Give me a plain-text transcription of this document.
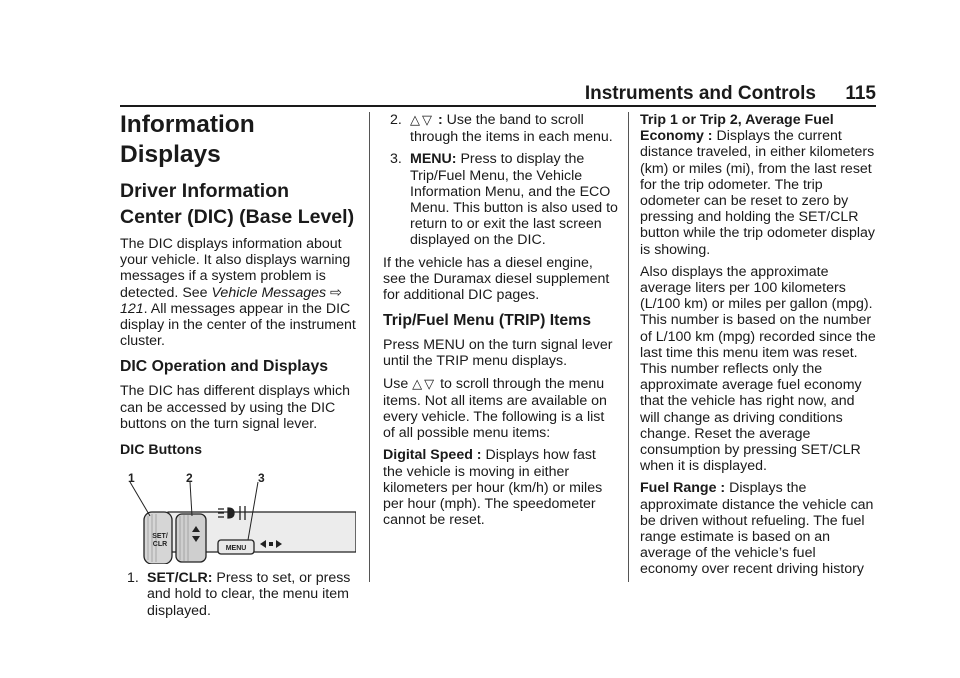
Instruments and Controls 115
Information Displays
Driver Information Center (DIC) (Base Level)

The DIC displays information about your vehicle. It also displays warning messages if a system problem is detected. See Vehicle Messages ⇨ 121. All messages appear in the DIC display in the center of the instrument cluster.

DIC Operation and Displays

The DIC has different displays which can be accessed by using the DIC buttons on the turn signal lever.

DIC Buttons

SET/
CLR
MENU
1	2	3
1. SET/CLR: Press to set, or press and hold to clear, the menu item displayed.
2. △▽ : Use the band to scroll through the items in each menu.
3. MENU: Press to display the Trip/Fuel Menu, the Vehicle Information Menu, and the ECO Menu. This button is also used to return to or exit the last screen displayed on the DIC.

If the vehicle has a diesel engine, see the Duramax diesel supplement for additional DIC pages.

Trip/Fuel Menu (TRIP) Items

Press MENU on the turn signal lever until the TRIP menu displays.

Use △▽ to scroll through the menu items. Not all items are available on every vehicle. The following is a list of all possible menu items:

Digital Speed : Displays how fast the vehicle is moving in either kilometers per hour (km/h) or miles per hour (mph). The speedometer cannot be reset.

Trip 1 or Trip 2, Average Fuel Economy : Displays the current distance traveled, in either kilometers (km) or miles (mi), from the last reset for the trip odometer. The trip odometer can be reset to zero by pressing and holding the SET/CLR button while the trip odometer display is showing.

Also displays the approximate average liters per 100 kilometers (L/100 km) or miles per gallon (mpg). This number is based on the number of L/100 km (mpg) recorded since the last time this menu item was reset. This number reflects only the approximate average fuel economy that the vehicle has right now, and will change as driving conditions change. Reset the average consumption by pressing SET/CLR when it is displayed.

Fuel Range : Displays the approximate distance the vehicle can be driven without refueling. The fuel range estimate is based on an average of the vehicle’s fuel economy over recent driving history
